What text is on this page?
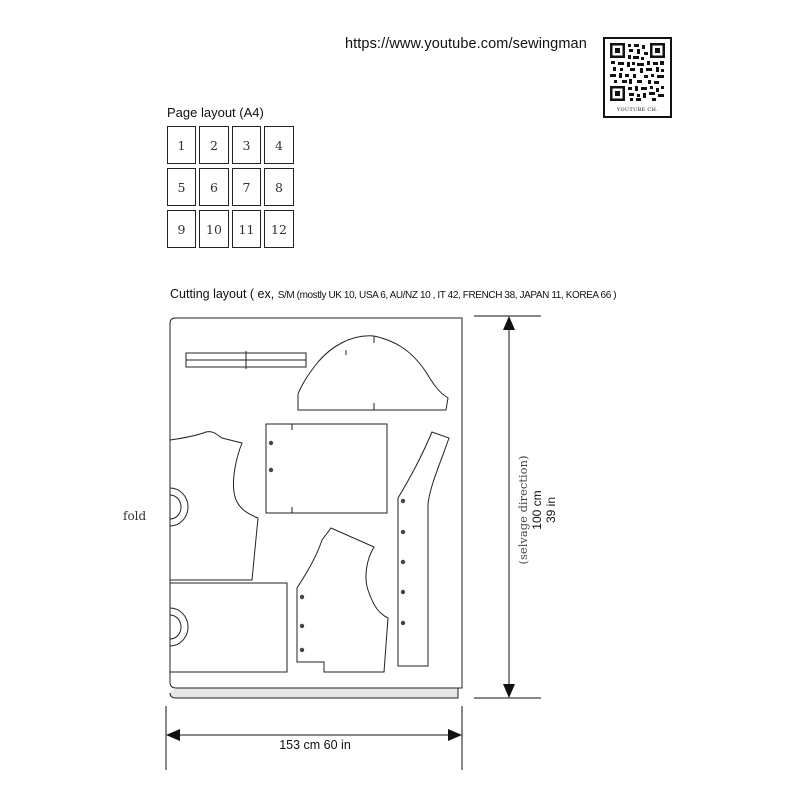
https://www.youtube.com/sewingman
YOUTUBE CH.
Page layout (A4)
1	2	3	4
5	6	7	8
9	10	11	12
Cutting layout ( ex, S/M (mostly UK 10, USA 6, AU/NZ 10 , IT 42, FRENCH 38, JAPAN 11, KOREA 66 )
fold	(selvage direction) 100 cm 39 in
153 cm 60 in
